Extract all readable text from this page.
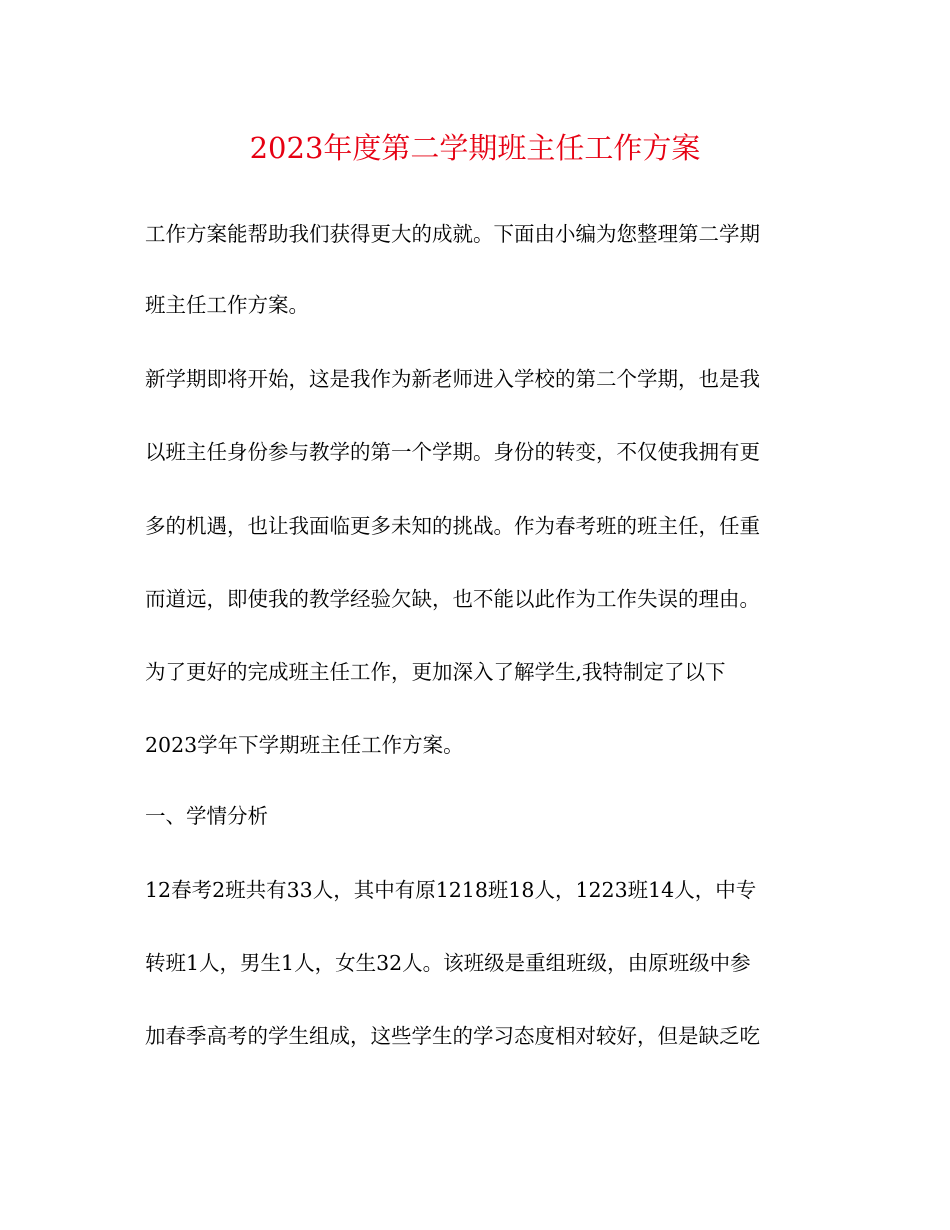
2023年度第二学期班主任工作方案
工作方案能帮助我们获得更大的成就。下面由小编为您整理第二学期
班主任工作方案。
新学期即将开始，这是我作为新老师进入学校的第二个学期，也是我
以班主任身份参与教学的第一个学期。身份的转变，不仅使我拥有更
多的机遇，也让我面临更多未知的挑战。作为春考班的班主任，任重
而道远，即使我的教学经验欠缺，也不能以此作为工作失误的理由。
为了更好的完成班主任工作，更加深入了解学生,我特制定了以下
2023学年下学期班主任工作方案。
一、学情分析
12春考2班共有33人，其中有原1218班18人，1223班14人，中专
转班1人，男生1人，女生32人。该班级是重组班级，由原班级中参
加春季高考的学生组成，这些学生的学习态度相对较好，但是缺乏吃
